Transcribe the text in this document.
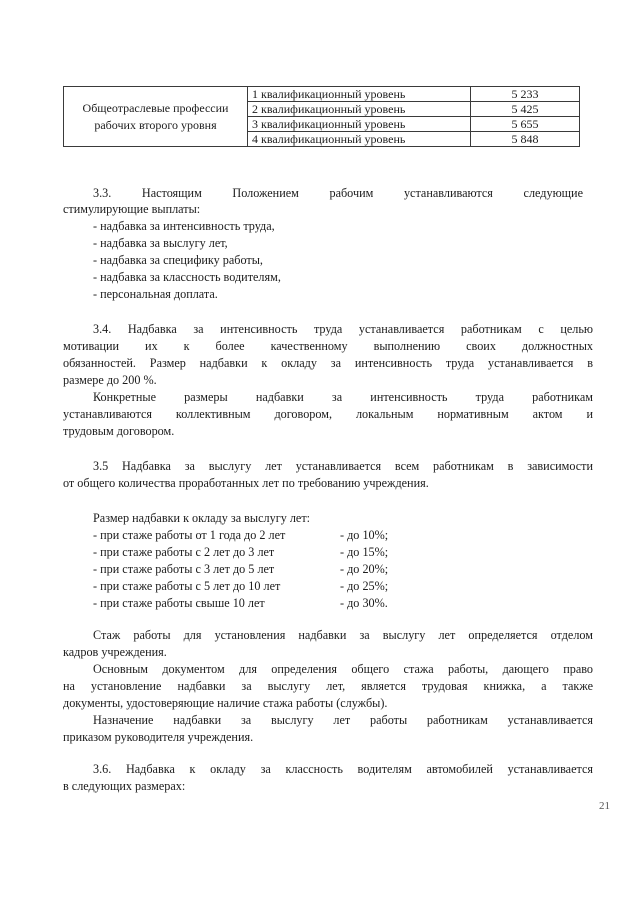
Общеотраслевые профессии рабочих второго уровня	1 квалификационный уровень	5 233
	2 квалификационный уровень	5 425
	3 квалификационный уровень	5 655
	4 квалификационный уровень	5 848
3.3. Настоящим Положением рабочим устанавливаются следующие
стимулирующие выплаты:
- надбавка за интенсивность труда,
- надбавка за выслугу лет,
- надбавка за специфику работы,
- надбавка за классность водителям,
- персональная доплата.
3.4. Надбавка за интенсивность труда устанавливается работникам с целью
мотивации их к более качественному выполнению своих должностных
обязанностей. Размер надбавки к окладу за интенсивность труда устанавливается в
размере до 200 %.
Конкретные размеры надбавки за интенсивность труда работникам
устанавливаются коллективным договором, локальным нормативным актом и
трудовым договором.
3.5 Надбавка за выслугу лет устанавливается всем работникам в зависимости
от общего количества проработанных лет по требованию учреждения.
Размер надбавки к окладу за выслугу лет:
- при стаже работы от 1 года до 2 лет	- до 10%;
- при стаже работы с 2 лет до 3 лет	- до 15%;
- при стаже работы с 3 лет до 5 лет	- до 20%;
- при стаже работы с 5 лет до 10 лет	- до 25%;
- при стаже работы свыше 10 лет	- до 30%.
Стаж работы для установления надбавки за выслугу лет определяется отделом
кадров учреждения.
Основным документом для определения общего стажа работы, дающего право
на установление надбавки за выслугу лет, является трудовая книжка, а также
документы, удостоверяющие наличие стажа работы (службы).
Назначение надбавки за выслугу лет работы работникам устанавливается
приказом руководителя учреждения.
3.6. Надбавка к окладу за классность водителям автомобилей устанавливается
в следующих размерах:
21
